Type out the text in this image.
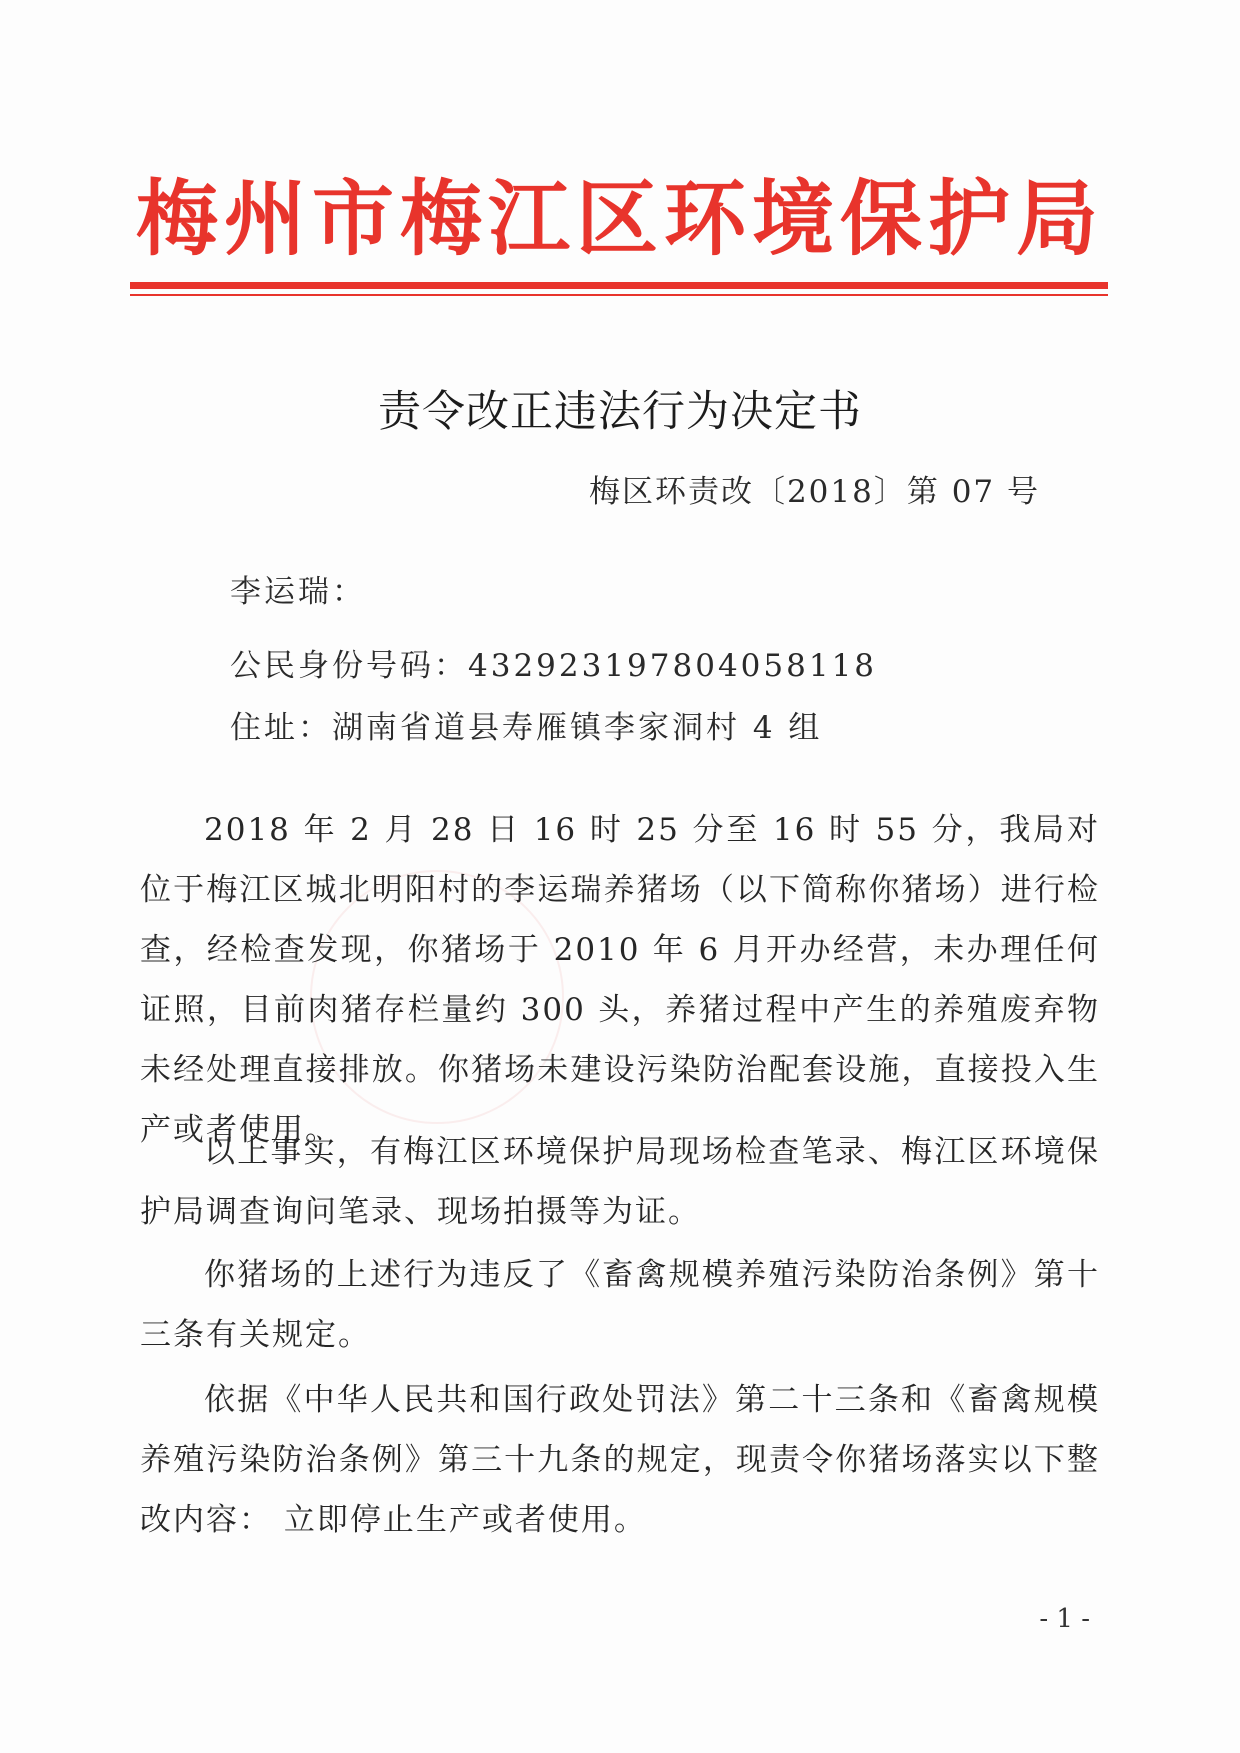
梅州市梅江区环境保护局
责令改正违法行为决定书
梅区环责改〔2018〕第 07 号
李运瑞：
公民身份号码：432923197804058118
住址：湖南省道县寿雁镇李家洞村 4 组
2018 年 2 月 28 日 16 时 25 分至 16 时 55 分，我局对位于梅江区城北明阳村的李运瑞养猪场（以下简称你猪场）进行检查，经检查发现，你猪场于 2010 年 6 月开办经营，未办理任何证照，目前肉猪存栏量约 300 头，养猪过程中产生的养殖废弃物未经处理直接排放。你猪场未建设污染防治配套设施，直接投入生产或者使用。
以上事实，有梅江区环境保护局现场检查笔录、梅江区环境保护局调查询问笔录、现场拍摄等为证。
你猪场的上述行为违反了《畜禽规模养殖污染防治条例》第十三条有关规定。
依据《中华人民共和国行政处罚法》第二十三条和《畜禽规模养殖污染防治条例》第三十九条的规定，现责令你猪场落实以下整改内容： 立即停止生产或者使用。
- 1 -
